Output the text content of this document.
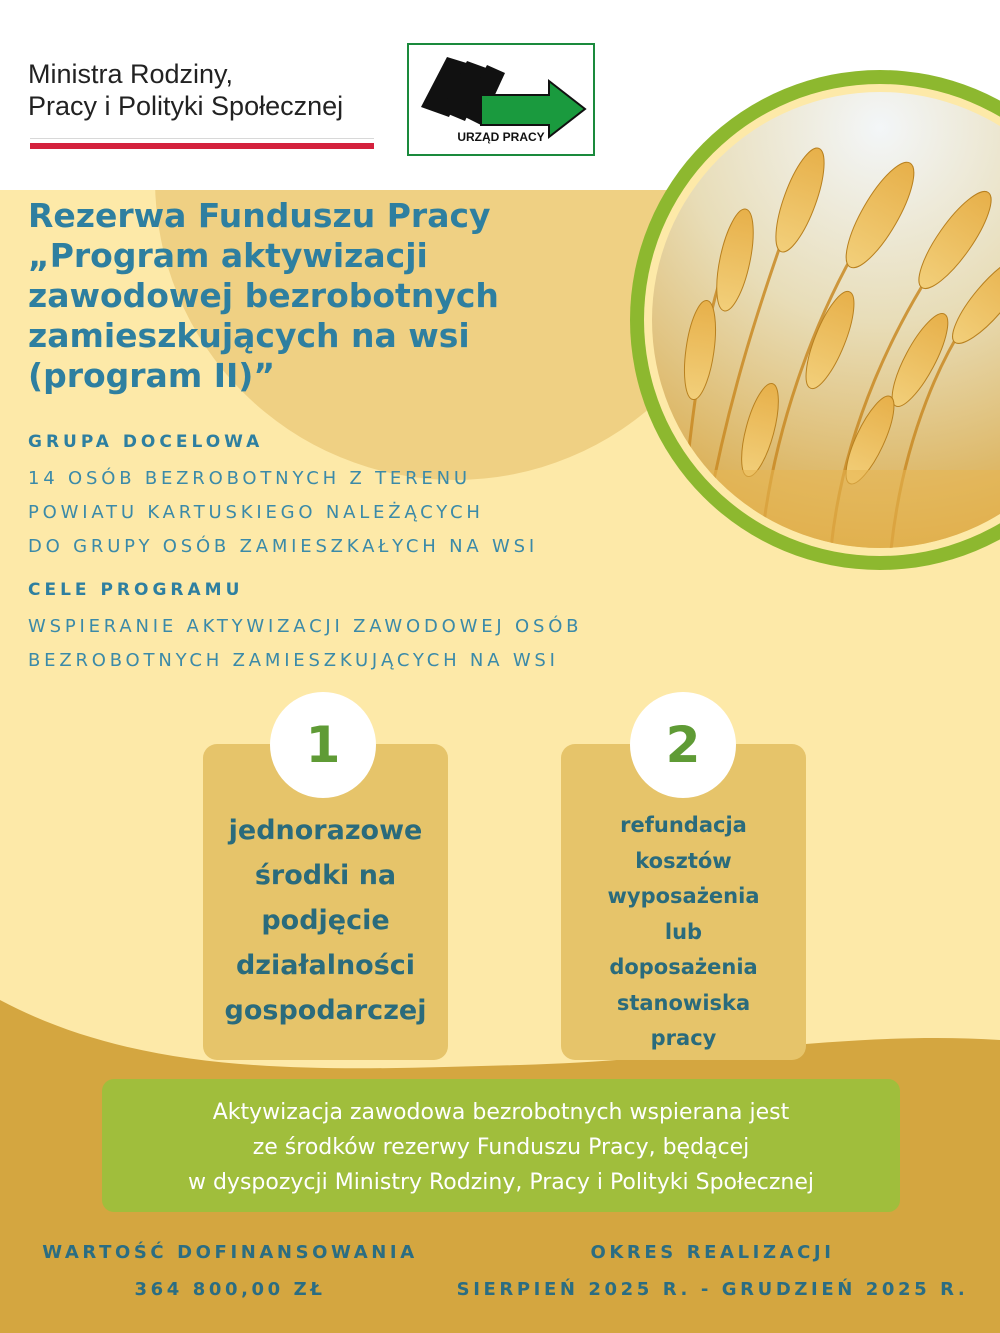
Ministra Rodziny,
Pracy i Polityki Społecznej
URZĄD PRACY
Rezerwa Funduszu Pracy
„Program aktywizacji
zawodowej bezrobotnych
zamieszkujących na wsi
(program II)”
GRUPA DOCELOWA
14 OSÓB BEZROBOTNYCH Z TERENU
POWIATU KARTUSKIEGO NALEŻĄCYCH
DO GRUPY OSÓB ZAMIESZKAŁYCH NA WSI
CELE PROGRAMU
WSPIERANIE AKTYWIZACJI ZAWODOWEJ OSÓB
BEZROBOTNYCH ZAMIESZKUJĄCYCH NA WSI
1
jednorazowe
środki na
podjęcie
działalności
gospodarczej
2
refundacja
kosztów
wyposażenia
lub
doposażenia
stanowiska
pracy
Aktywizacja zawodowa bezrobotnych wspierana jest
ze środków rezerwy Funduszu Pracy, będącej
w dyspozycji Ministry Rodziny, Pracy i Polityki Społecznej
WARTOŚĆ DOFINANSOWANIA
364 800,00 ZŁ
OKRES REALIZACJI
SIERPIEŃ 2025 R. - GRUDZIEŃ 2025 R.
